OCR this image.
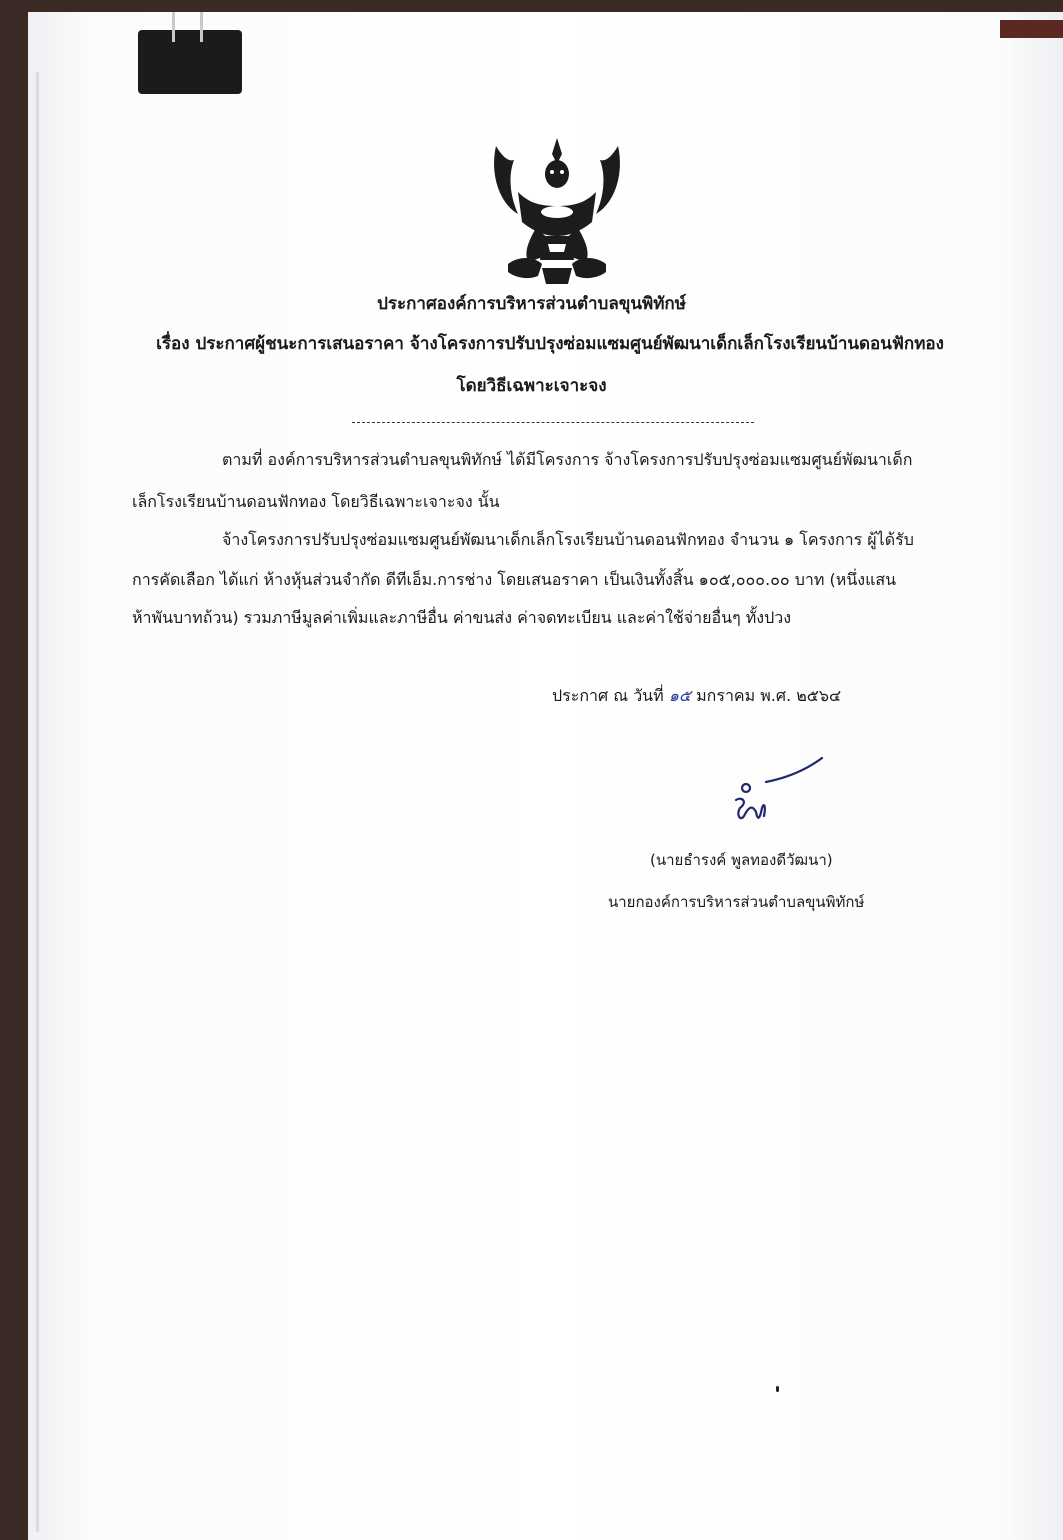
ประกาศองค์การบริหารส่วนตำบลขุนพิทักษ์
เรื่อง ประกาศผู้ชนะการเสนอราคา จ้างโครงการปรับปรุงซ่อมแซมศูนย์พัฒนาเด็กเล็กโรงเรียนบ้านดอนฟักทอง
โดยวิธีเฉพาะเจาะจง
ตามที่ องค์การบริหารส่วนตำบลขุนพิทักษ์ ได้มีโครงการ จ้างโครงการปรับปรุงซ่อมแซมศูนย์พัฒนาเด็ก
เล็กโรงเรียนบ้านดอนฟักทอง โดยวิธีเฉพาะเจาะจง นั้น
จ้างโครงการปรับปรุงซ่อมแซมศูนย์พัฒนาเด็กเล็กโรงเรียนบ้านดอนฟักทอง จำนวน ๑ โครงการ ผู้ได้รับ
การคัดเลือก ได้แก่ ห้างหุ้นส่วนจำกัด ดีทีเอ็ม.การช่าง โดยเสนอราคา เป็นเงินทั้งสิ้น ๑๐๕,๐๐๐.๐๐ บาท (หนึ่งแสน
ห้าพันบาทถ้วน) รวมภาษีมูลค่าเพิ่มและภาษีอื่น ค่าขนส่ง ค่าจดทะเบียน และค่าใช้จ่ายอื่นๆ ทั้งปวง
ประกาศ ณ วันที่ ๑๕ มกราคม พ.ศ. ๒๕๖๔
(นายธำรงค์ พูลทองดีวัฒนา)
นายกองค์การบริหารส่วนตำบลขุนพิทักษ์
